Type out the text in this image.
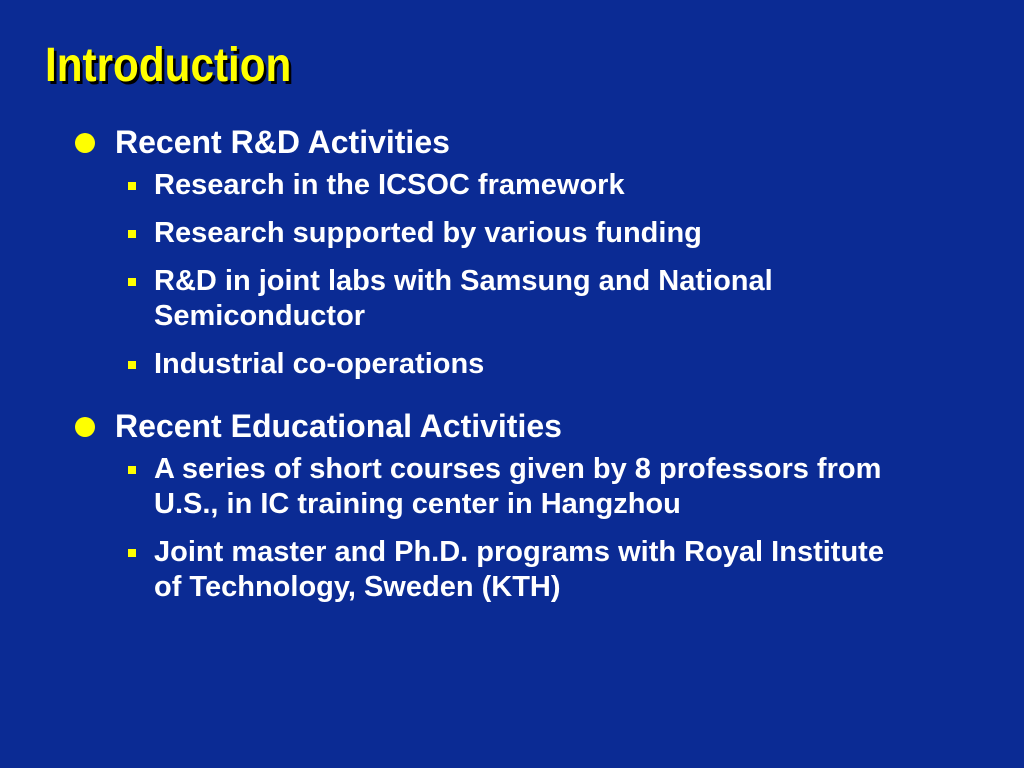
Introduction
Recent R&D Activities
Research in the ICSOC framework
Research supported by various funding
R&D in joint labs with Samsung and National Semiconductor
Industrial co-operations
Recent Educational Activities
A series of short courses given by 8 professors from U.S., in IC training center in Hangzhou
Joint master and Ph.D. programs with Royal Institute of Technology, Sweden (KTH)
